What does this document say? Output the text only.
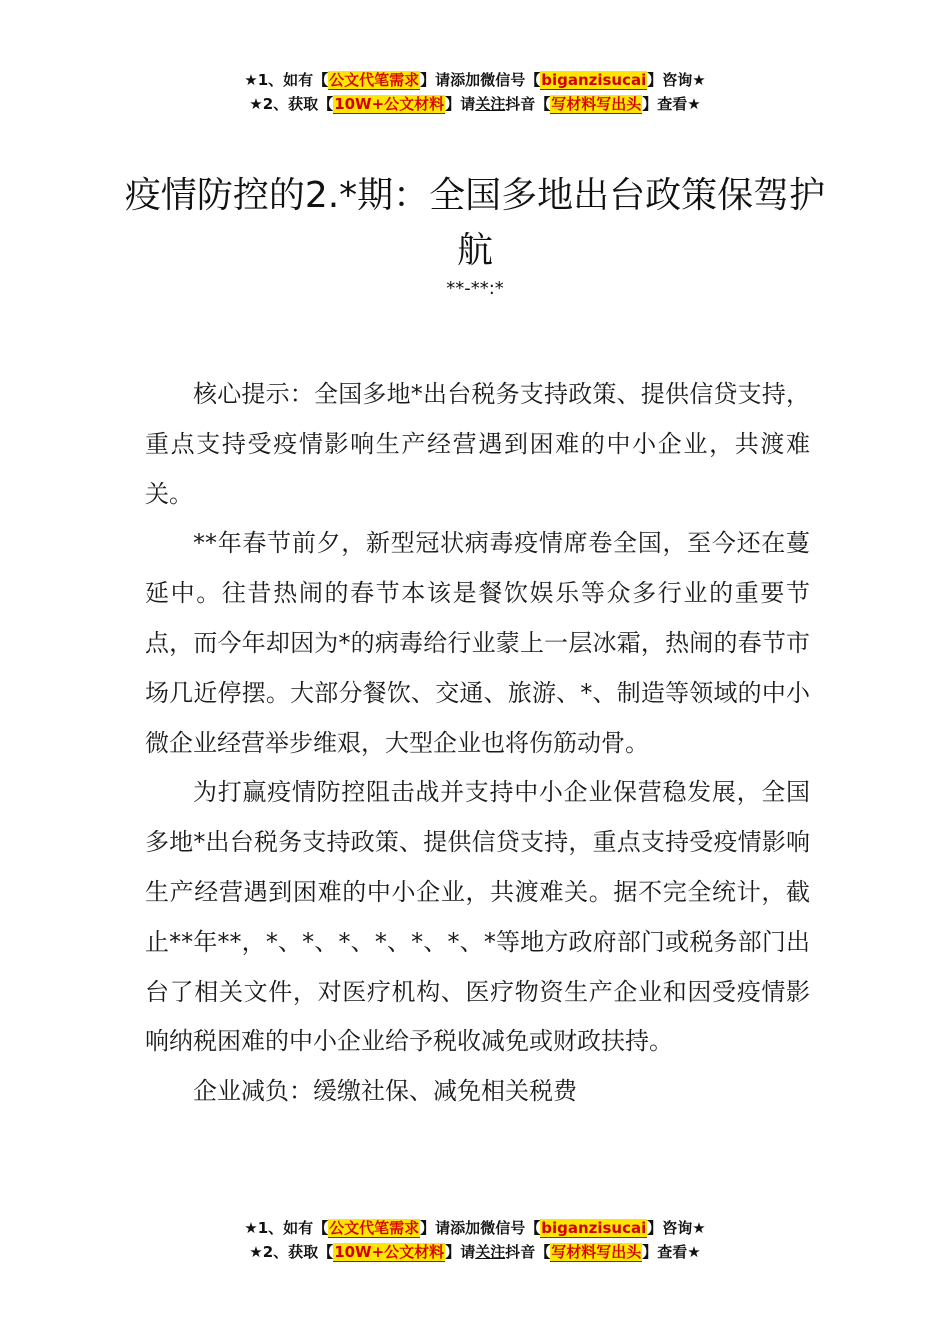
★1、如有【公文代笔需求】请添加微信号【biganzisucai】咨询★
★2、获取【10W+公文材料】请关注抖音【写材料写出头】查看★
疫情防控的2.*期：全国多地出台政策保驾护航
**-**:*

核心提示：全国多地*出台税务支持政策、提供信贷支持，重点支持受疫情影响生产经营遇到困难的中小企业，共渡难关。

**年春节前夕，新型冠状病毒疫情席卷全国，至今还在蔓延中。往昔热闹的春节本该是餐饮娱乐等众多行业的重要节点，而今年却因为*的病毒给行业蒙上一层冰霜，热闹的春节市场几近停摆。大部分餐饮、交通、旅游、*、制造等领域的中小微企业经营举步维艰，大型企业也将伤筋动骨。

为打赢疫情防控阻击战并支持中小企业保营稳发展，全国多地*出台税务支持政策、提供信贷支持，重点支持受疫情影响生产经营遇到困难的中小企业，共渡难关。据不完全统计，截止**年**，*、*、*、*、*、*、*等地方政府部门或税务部门出台了相关文件，对医疗机构、医疗物资生产企业和因受疫情影响纳税困难的中小企业给予税收减免或财政扶持。

企业减负：缓缴社保、减免相关税费

★1、如有【公文代笔需求】请添加微信号【biganzisucai】咨询★
★2、获取【10W+公文材料】请关注抖音【写材料写出头】查看★
